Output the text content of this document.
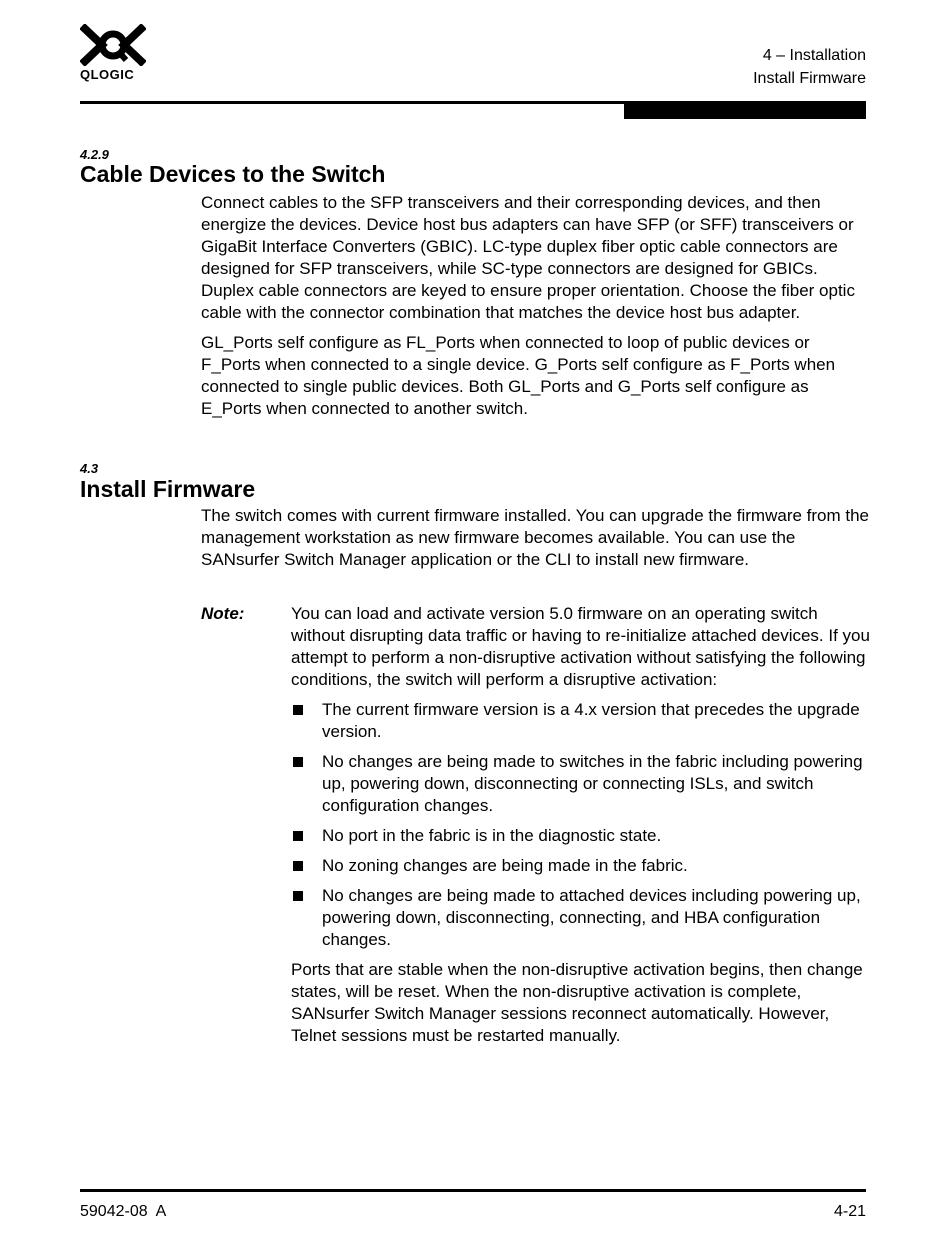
QLOGIC
4 – Installation
Install Firmware
4.2.9
Cable Devices to the Switch

Connect cables to the SFP transceivers and their corresponding devices, and then energize the devices. Device host bus adapters can have SFP (or SFF) transceivers or GigaBit Interface Converters (GBIC). LC-type duplex fiber optic cable connectors are designed for SFP transceivers, while SC-type connectors are designed for GBICs. Duplex cable connectors are keyed to ensure proper orientation. Choose the fiber optic cable with the connector combination that matches the device host bus adapter.

GL_Ports self configure as FL_Ports when connected to loop of public devices or F_Ports when connected to a single device. G_Ports self configure as F_Ports when connected to single public devices. Both GL_Ports and G_Ports self configure as E_Ports when connected to another switch.

4.3
Install Firmware

The switch comes with current firmware installed. You can upgrade the firmware from the management workstation as new firmware becomes available. You can use the SANsurfer Switch Manager application or the CLI to install new firmware.

Note:	You can load and activate version 5.0 firmware on an operating switch without disrupting data traffic or having to re-initialize attached devices. If you attempt to perform a non-disruptive activation without satisfying the following conditions, the switch will perform a disruptive activation:

The current firmware version is a 4.x version that precedes the upgrade version.
No changes are being made to switches in the fabric including powering up, powering down, disconnecting or connecting ISLs, and switch configuration changes.
No port in the fabric is in the diagnostic state.
No zoning changes are being made in the fabric.
No changes are being made to attached devices including powering up, powering down, disconnecting, connecting, and HBA configuration changes.

Ports that are stable when the non-disruptive activation begins, then change states, will be reset. When the non-disruptive activation is complete, SANsurfer Switch Manager sessions reconnect automatically. However, Telnet sessions must be restarted manually.

59042-08  A	4-21
